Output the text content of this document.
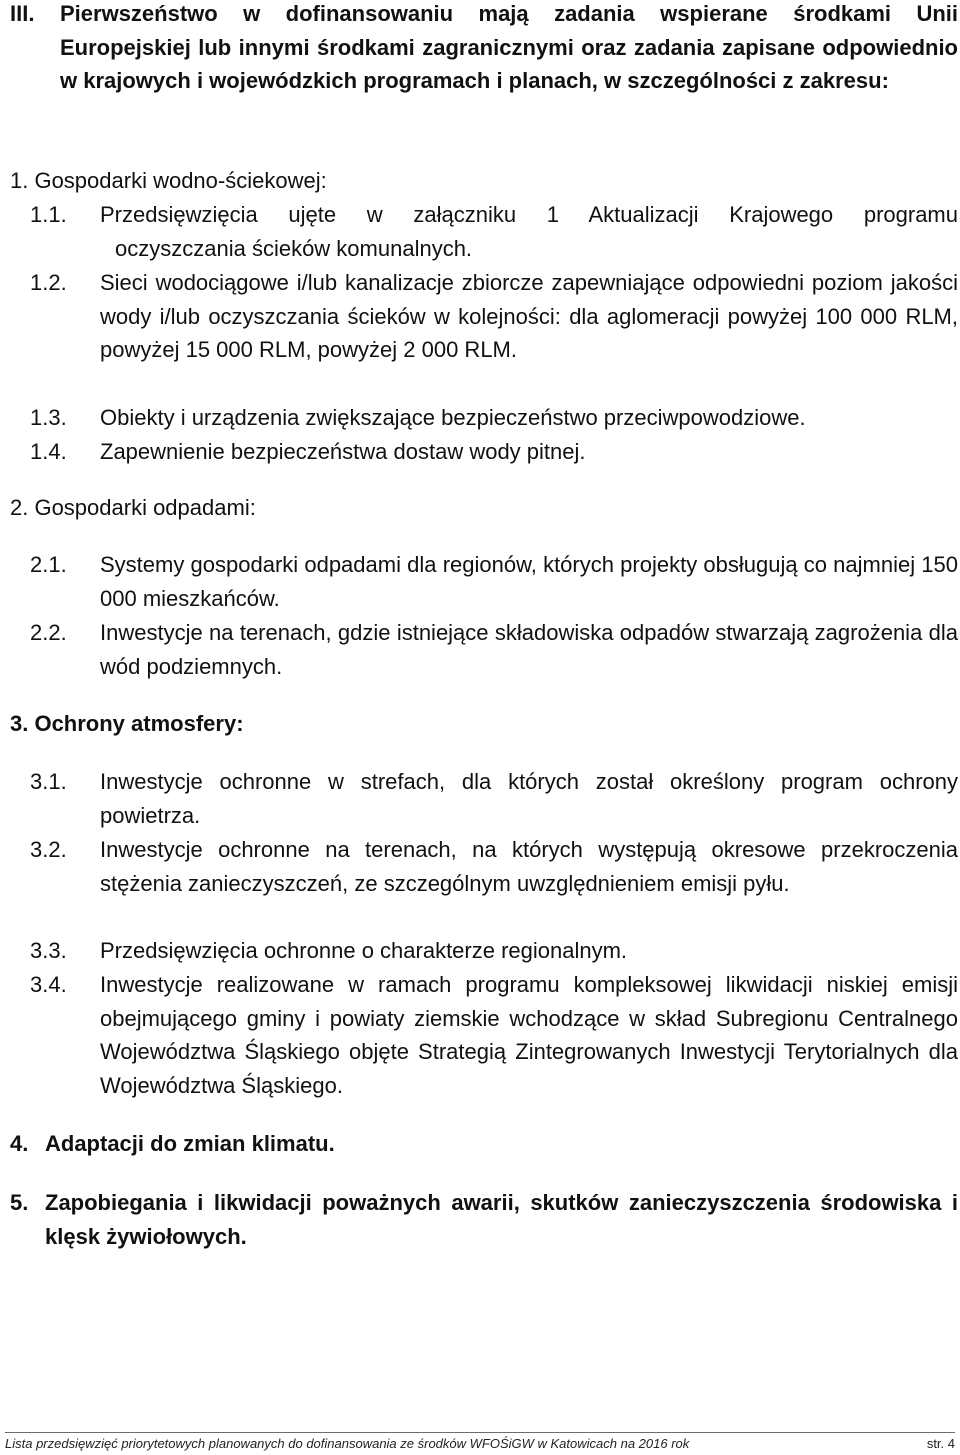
III. Pierwszeństwo w dofinansowaniu mają zadania wspierane środkami Unii Europejskiej lub innymi środkami zagranicznymi oraz zadania zapisane odpowiednio w krajowych i wojewódzkich programach i planach, w szczególności z zakresu:
1. Gospodarki wodno-ściekowej:
1.1. Przedsięwzięcia ujęte w załączniku 1 Aktualizacji Krajowego programu
oczyszczania ścieków komunalnych.
1.2. Sieci wodociągowe i/lub kanalizacje zbiorcze zapewniające odpowiedni poziom jakości wody i/lub oczyszczania ścieków w kolejności: dla aglomeracji powyżej 100 000 RLM, powyżej 15 000 RLM, powyżej 2 000 RLM.
1.3. Obiekty i urządzenia zwiększające bezpieczeństwo przeciwpowodziowe.
1.4. Zapewnienie bezpieczeństwa dostaw wody pitnej.
2. Gospodarki odpadami:
2.1. Systemy gospodarki odpadami dla regionów, których projekty obsługują co najmniej 150 000 mieszkańców.
2.2. Inwestycje na terenach, gdzie istniejące składowiska odpadów stwarzają zagrożenia dla wód podziemnych.
3. Ochrony atmosfery:
3.1. Inwestycje ochronne w strefach, dla których został określony program ochrony powietrza.
3.2. Inwestycje ochronne na terenach, na których występują okresowe przekroczenia stężenia zanieczyszczeń, ze szczególnym uwzględnieniem emisji pyłu.
3.3. Przedsięwzięcia ochronne o charakterze regionalnym.
3.4. Inwestycje realizowane w ramach programu kompleksowej likwidacji niskiej emisji obejmującego gminy i powiaty ziemskie wchodzące w skład Subregionu Centralnego Województwa Śląskiego objęte Strategią Zintegrowanych Inwestycji Terytorialnych dla Województwa Śląskiego.
4. Adaptacji do zmian klimatu.
5. Zapobiegania i likwidacji poważnych awarii, skutków zanieczyszczenia środowiska i klęsk żywiołowych.
Lista przedsięwzięć priorytetowych planowanych do dofinansowania ze środków WFOŚiGW w Katowicach na 2016 rok	str. 4
